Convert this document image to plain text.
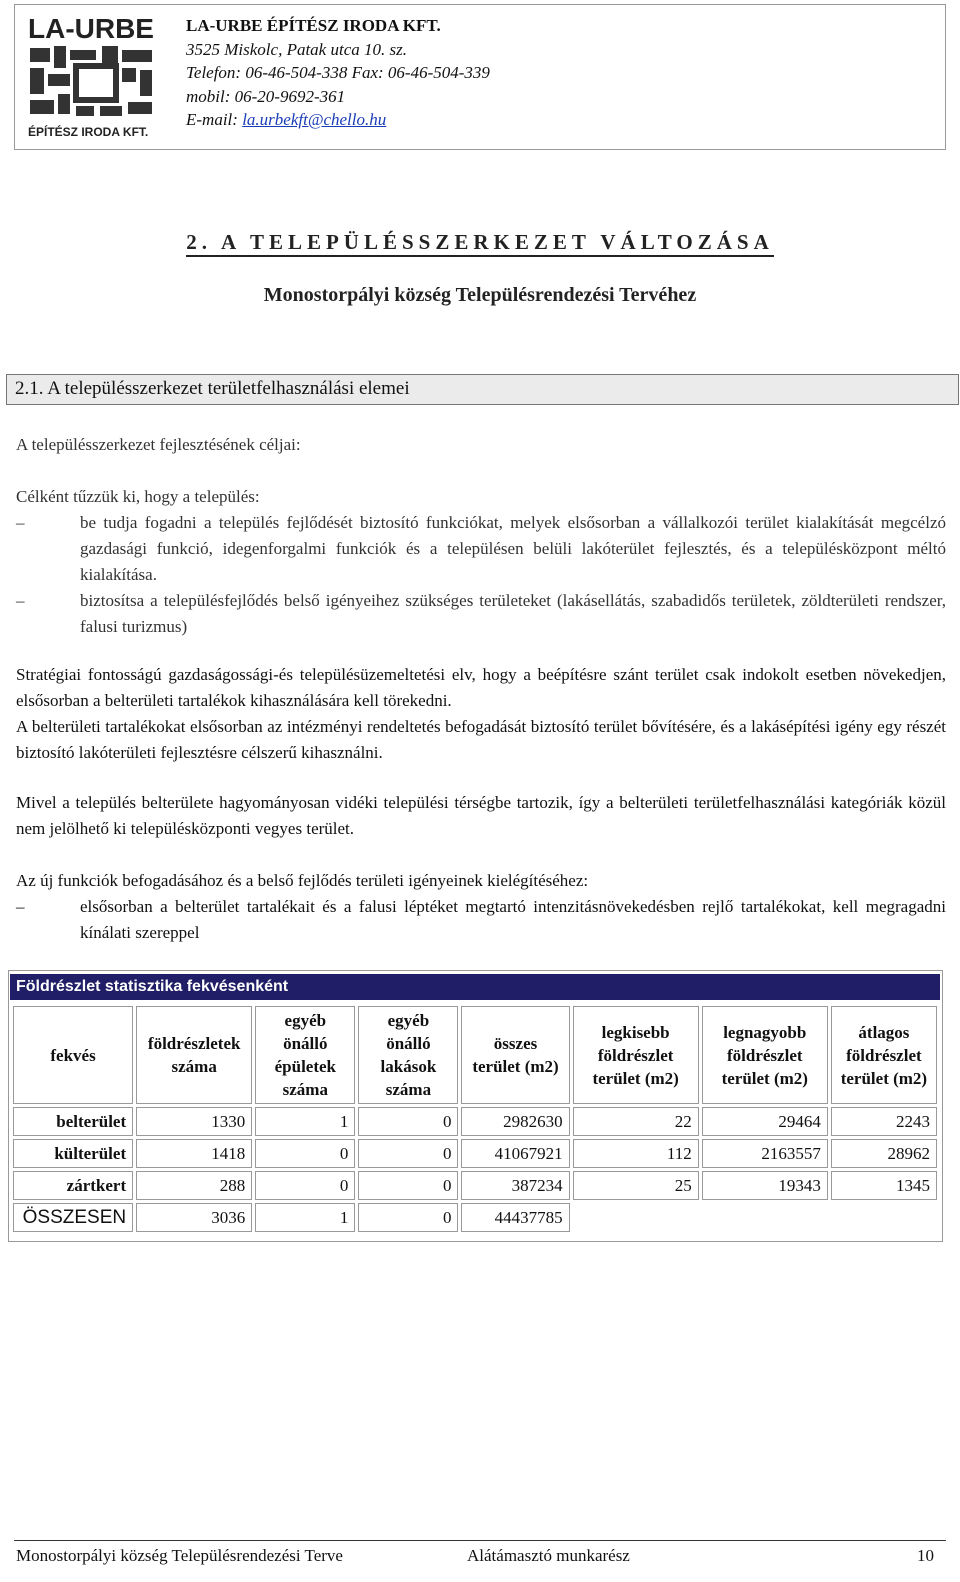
LA-URBE
ÉPÍTÉSZ IRODA KFT.
LA-URBE ÉPÍTÉSZ IRODA KFT.
3525 Miskolc, Patak utca 10. sz.
Telefon: 06-46-504-338 Fax: 06-46-504-339
mobil: 06-20-9692-361
E-mail: la.urbekft@chello.hu
2. A TELEPÜLÉSSZERKEZET VÁLTOZÁSA
Monostorpályi község Településrendezési Tervéhez
2.1. A településszerkezet területfelhasználási elemei
A településszerkezet fejlesztésének céljai:
Célként tűzzük ki, hogy a település:
–	be tudja fogadni a település fejlődését biztosító funkciókat, melyek elsősorban a vállalkozói terület kialakítását megcélzó gazdasági funkció, idegenforgalmi funkciók és a településen belüli lakóterület fejlesztés, és a településközpont méltó kialakítása.
–	biztosítsa a településfejlődés belső igényeihez szükséges területeket (lakásellátás, szabadidős területek, zöldterületi rendszer, falusi turizmus)
Stratégiai fontosságú gazdaságossági-és településüzemeltetési elv, hogy a beépítésre szánt terület csak indokolt esetben növekedjen, elsősorban a belterületi tartalékok kihasználására kell törekedni.
A belterületi tartalékokat elsősorban az intézményi rendeltetés befogadását biztosító terület bővítésére, és a lakásépítési igény egy részét biztosító lakóterületi fejlesztésre célszerű kihasználni.
Mivel a település belterülete hagyományosan vidéki települési térségbe tartozik, így a belterületi területfelhasználási kategóriák közül nem jelölhető ki településközponti vegyes terület.
Az új funkciók befogadásához és a belső fejlődés területi igényeinek kielégítéséhez:
–	elsősorban a belterület tartalékait és a falusi léptéket megtartó intenzitásnövekedésben rejlő tartalékokat, kell megragadni kínálati szereppel
Földrészlet statisztika fekvésenként
fekvés	földrészletek száma	egyéb önálló épületek száma	egyéb önálló lakások száma	összes terület (m2)	legkisebb földrészlet terület (m2)	legnagyobb földrészlet terület (m2)	átlagos földrészlet terület (m2)
belterület	1330	1	0	2982630	22	29464	2243
külterület	1418	0	0	41067921	112	2163557	28962
zártkert	288	0	0	387234	25	19343	1345
ÖSSZESEN	3036	1	0	44437785			
Monostorpályi község Településrendezési Terve	Alátámasztó munkarész	10
